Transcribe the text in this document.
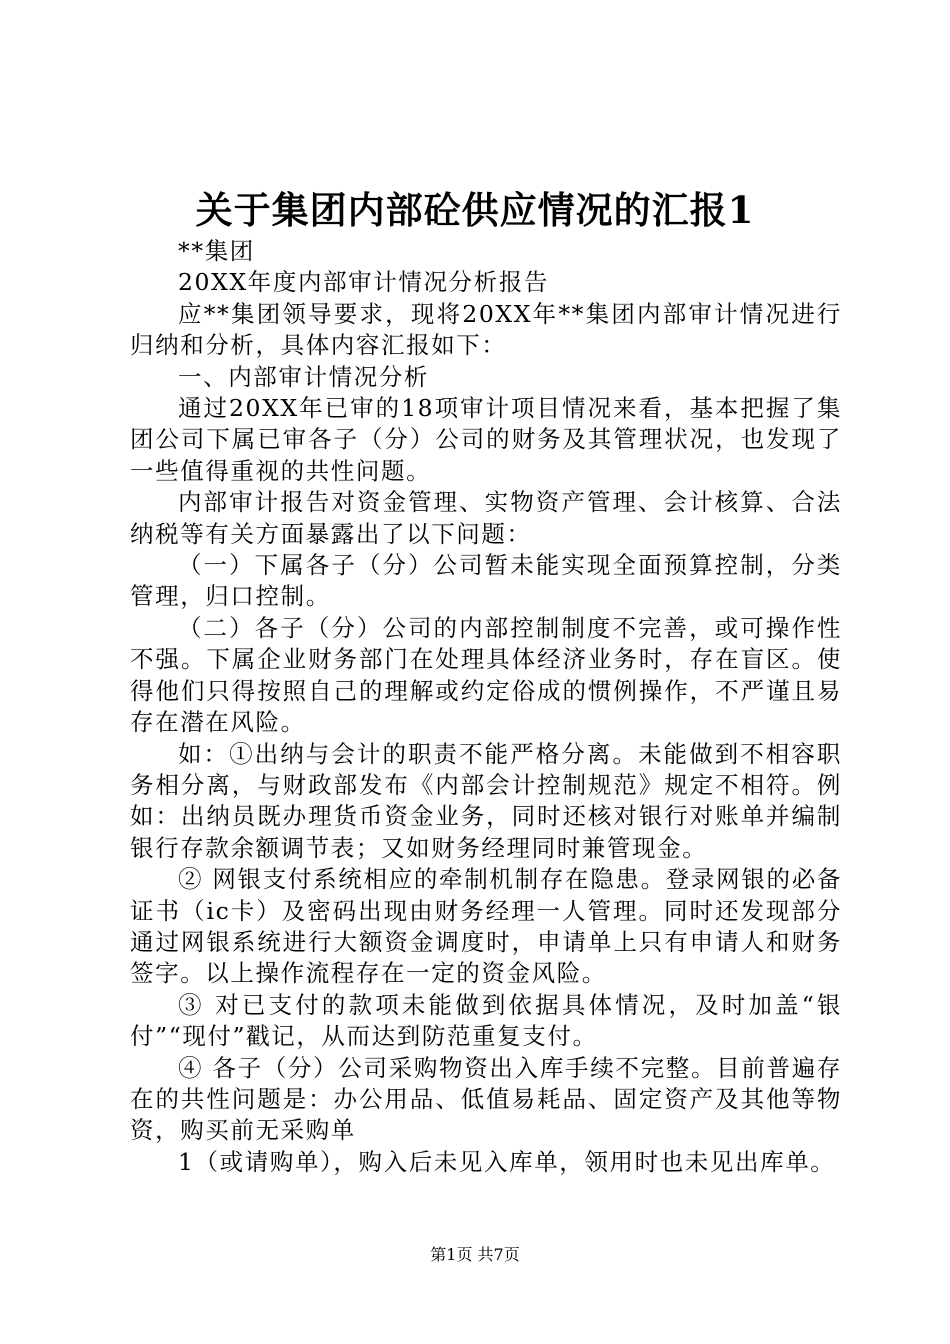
关于集团内部砼供应情况的汇报1

**集团

20XX年度内部审计情况分析报告

应**集团领导要求，现将20XX年**集团内部审计情况进行归纳和分析，具体内容汇报如下：

一、内部审计情况分析

通过20XX年已审的18项审计项目情况来看，基本把握了集团公司下属已审各子（分）公司的财务及其管理状况，也发现了一些值得重视的共性问题。

内部审计报告对资金管理、实物资产管理、会计核算、合法纳税等有关方面暴露出了以下问题：

（一）下属各子（分）公司暂未能实现全面预算控制，分类管理，归口控制。

（二）各子（分）公司的内部控制制度不完善，或可操作性不强。下属企业财务部门在处理具体经济业务时，存在盲区。使得他们只得按照自己的理解或约定俗成的惯例操作，不严谨且易存在潜在风险。

如：①出纳与会计的职责不能严格分离。未能做到不相容职务相分离，与财政部发布《内部会计控制规范》规定不相符。例如：出纳员既办理货币资金业务，同时还核对银行对账单并编制银行存款余额调节表；又如财务经理同时兼管现金。

② 网银支付系统相应的牵制机制存在隐患。登录网银的必备证书（ic卡）及密码出现由财务经理一人管理。同时还发现部分通过网银系统进行大额资金调度时，申请单上只有申请人和财务签字。以上操作流程存在一定的资金风险。

③ 对已支付的款项未能做到依据具体情况，及时加盖“银付”“现付”戳记，从而达到防范重复支付。

④ 各子（分）公司采购物资出入库手续不完整。目前普遍存在的共性问题是：办公用品、低值易耗品、固定资产及其他等物资，购买前无采购单

1（或请购单），购入后未见入库单，领用时也未见出库单。

第1页 共7页
